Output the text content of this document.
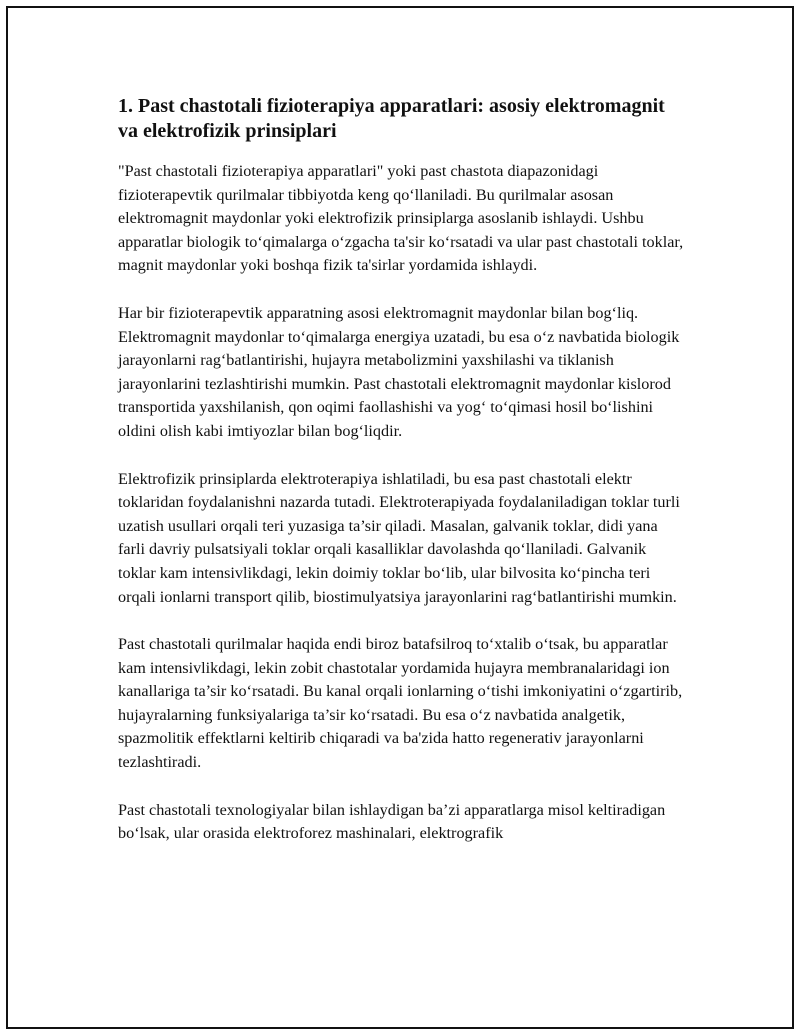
1. Past chastotali fizioterapiya apparatlari: asosiy elektromagnit va elektrofizik prinsiplari

"Past chastotali fizioterapiya apparatlari" yoki past chastota diapazonidagi fizioterapevtik qurilmalar tibbiyotda keng qo‘llaniladi. Bu qurilmalar asosan elektromagnit maydonlar yoki elektrofizik prinsiplarga asoslanib ishlaydi. Ushbu apparatlar biologik to‘qimalarga o‘zgacha ta'sir ko‘rsatadi va ular past chastotali toklar, magnit maydonlar yoki boshqa fizik ta'sirlar yordamida ishlaydi.

Har bir fizioterapevtik apparatning asosi elektromagnit maydonlar bilan bog‘liq. Elektromagnit maydonlar to‘qimalarga energiya uzatadi, bu esa o‘z navbatida biologik jarayonlarni rag‘batlantirishi, hujayra metabolizmini yaxshilashi va tiklanish jarayonlarini tezlashtirishi mumkin. Past chastotali elektromagnit maydonlar kislorod transportida yaxshilanish, qon oqimi faollashishi va yog‘ to‘qimasi hosil bo‘lishini oldini olish kabi imtiyozlar bilan bog‘liqdir.

Elektrofizik prinsiplarda elektroterapiya ishlatiladi, bu esa past chastotali elektr toklaridan foydalanishni nazarda tutadi. Elektroterapiyada foydalaniladigan toklar turli uzatish usullari orqali teri yuzasiga ta’sir qiladi. Masalan, galvanik toklar, didi yana farli davriy pulsatsiyali toklar orqali kasalliklar davolashda qo‘llaniladi. Galvanik toklar kam intensivlikdagi, lekin doimiy toklar bo‘lib, ular bilvosita ko‘pincha teri orqali ionlarni transport qilib, biostimulyatsiya jarayonlarini rag‘batlantirishi mumkin.

Past chastotali qurilmalar haqida endi biroz batafsilroq to‘xtalib o‘tsak, bu apparatlar kam intensivlikdagi, lekin zobit chastotalar yordamida hujayra membranalaridagi ion kanallariga ta’sir ko‘rsatadi. Bu kanal orqali ionlarning o‘tishi imkoniyatini o‘zgartirib, hujayralarning funksiyalariga ta’sir ko‘rsatadi. Bu esa o‘z navbatida analgetik, spazmolitik effektlarni keltirib chiqaradi va ba'zida hatto regenerativ jarayonlarni tezlashtiradi.

Past chastotali texnologiyalar bilan ishlaydigan ba’zi apparatlarga misol keltiradigan bo‘lsak, ular orasida elektroforez mashinalari, elektrografik
